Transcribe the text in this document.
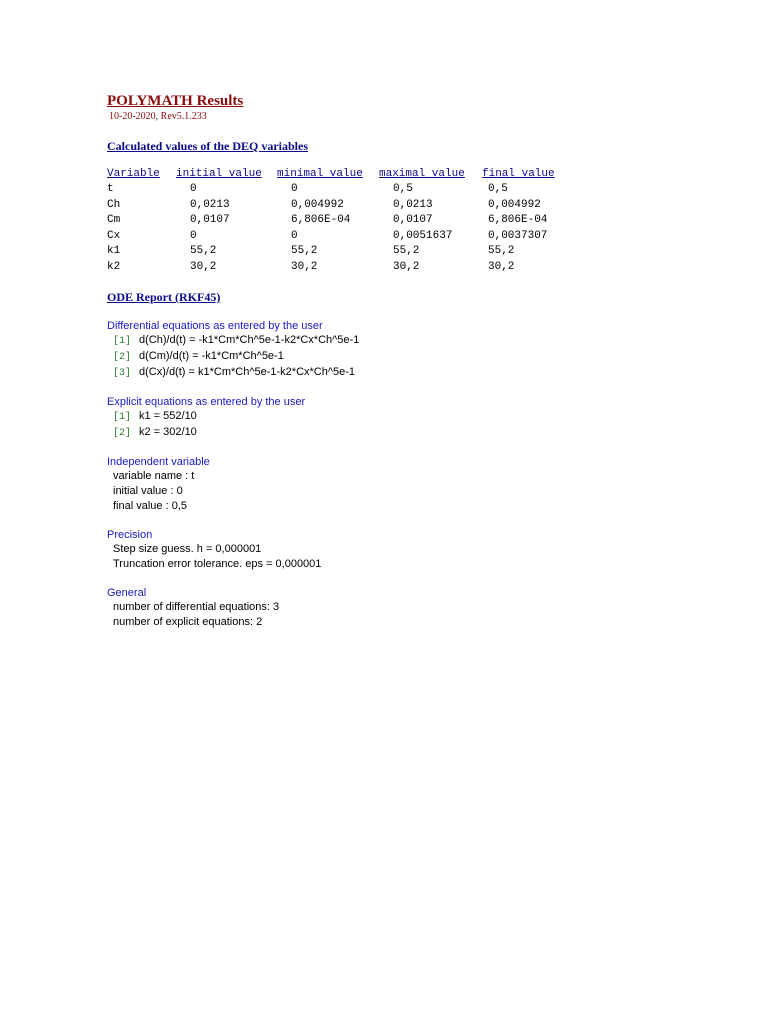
POLYMATH Results

10-20-2020, Rev5.1.233

Calculated values of the DEQ variables

Variable	initial value	minimal value	maximal value	final value
t	0	0	0,5	0,5
Ch	0,0213	0,004992	0,0213	0,004992
Cm	0,0107	6,806E-04	0,0107	6,806E-04
Cx	0	0	0,0051637	0,0037307
k1	55,2	55,2	55,2	55,2
k2	30,2	30,2	30,2	30,2

ODE Report (RKF45)

Differential equations as entered by the user

[1] d(Ch)/d(t) = -k1*Cm*Ch^5e-1-k2*Cx*Ch^5e-1

[2] d(Cm)/d(t) = -k1*Cm*Ch^5e-1

[3] d(Cx)/d(t) = k1*Cm*Ch^5e-1-k2*Cx*Ch^5e-1

Explicit equations as entered by the user

[1] k1 = 552/10

[2] k2 = 302/10

Independent variable

variable name : t

initial value : 0

final value : 0,5

Precision

Step size guess. h = 0,000001

Truncation error tolerance. eps = 0,000001

General

number of differential equations: 3

number of explicit equations: 2
